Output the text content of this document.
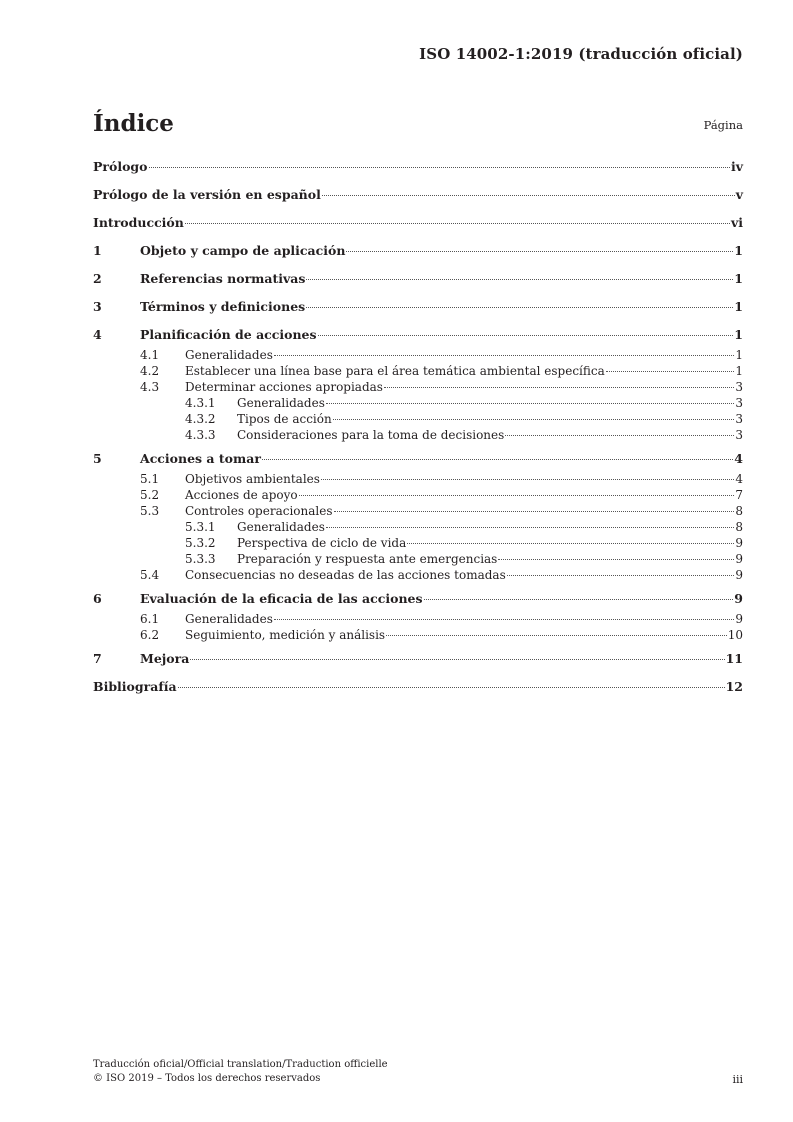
ISO 14002-1:2019 (traducción oficial)
Índice	Página
Prólogo	iv
Prólogo de la versión en español	v
Introducción	vi
1	Objeto y campo de aplicación	1
2	Referencias normativas	1
3	Términos y definiciones	1
4	Planificación de acciones	1
4.1	Generalidades	1
4.2	Establecer una línea base para el área temática ambiental específica	1
4.3	Determinar acciones apropiadas	3
4.3.1	Generalidades	3
4.3.2	Tipos de acción	3
4.3.3	Consideraciones para la toma de decisiones	3
5	Acciones a tomar	4
5.1	Objetivos ambientales	4
5.2	Acciones de apoyo	7
5.3	Controles operacionales	8
5.3.1	Generalidades	8
5.3.2	Perspectiva de ciclo de vida	9
5.3.3	Preparación y respuesta ante emergencias	9
5.4	Consecuencias no deseadas de las acciones tomadas	9
6	Evaluación de la eficacia de las acciones	9
6.1	Generalidades	9
6.2	Seguimiento, medición y análisis	10
7	Mejora	11
Bibliografía	12
Traducción oficial/Official translation/Traduction officielle
© ISO 2019 – Todos los derechos reservados	iii
